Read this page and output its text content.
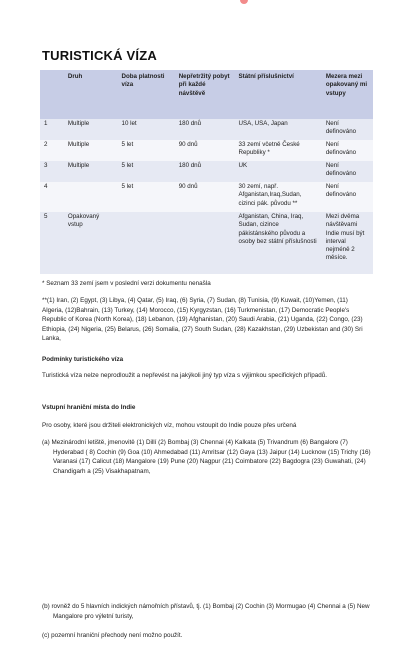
TURISTICKÁ VÍZA
	Druh	Doba platnosti víza	Nepřetržitý pobyt při každé návštěvě	Státní příslušnictví	Mezera mezi opakovaný mi vstupy
1	Multiple	10 let	180 dnů	USA, USA, Japan	Není definováno
2	Multiple	5 let	90 dnů	33 zemí včetně České Republiky *	Není definováno
3	Multiple	5 let	180 dnů	UK	Není definováno
4		5 let	90 dnů	30 zemí, např. Afganistan,Iraq,Sudan, cizinci pák. původu **	Není definováno
5	Opakovaný vstup			Afganistan, China, Iraq, Sudan, cizince pákistánského původu a osoby bez státní příslušnosti	Mezi dvěma návštěvami Indie musí být interval nejméně 2 měsíce.
* Seznam 33 zemí jsem v poslední verzi dokumentu nenašla
**(1) Iran, (2) Egypt, (3) Libya, (4) Qatar, (5) Iraq, (6) Syria, (7) Sudan, (8) Tunisia, (9) Kuwait, (10)Yemen, (11) Algeria, (12)Bahrain, (13) Turkey, (14) Morocco, (15) Kyrgyzstan, (16) Turkmenistan, (17) Democratic People's Republic of Korea (North Korea), (18) Lebanon, (19) Afghanistan, (20) Saudi Arabia, (21) Uganda, (22) Congo, (23) Ethiopia, (24) Nigeria, (25) Belarus, (26) Somalia, (27) South Sudan, (28) Kazakhstan, (29) Uzbekistan and (30) Sri Lanka,
Podmínky turistického víza
Turistická víza nelze neprodloužit a nepřevést na jakýkoli jiný typ víza s výjimkou specifických případů.
Vstupní hraniční místa do Indie
Pro osoby, které jsou držiteli elektronických víz, mohou vstoupit do Indie pouze přes určená
(a) Mezinárodní letiště, jmenovitě (1) Dillí (2) Bombaj (3) Chennai (4) Kalkata (5) Trivandrum (6) Bangalore (7) Hyderabad ( 8) Cochin (9) Goa (10) Ahmedabad (11) Amritsar (12) Gaya (13) Jaipur (14) Lucknow (15) Trichy (16) Varanasi (17) Calicut (18) Mangalore (19) Pune (20) Nagpur (21) Coimbatore (22) Bagdogra (23) Guwahati, (24) Chandigarh a (25) Visakhapatnam,
(b) rovněž do 5 hlavních indických námořních přístavů, tj. (1) Bombaj (2) Cochin (3) Mormugao (4) Chennai a (5) New Mangalore pro výletní turisty,
(c) pozemní hraniční přechody není možno použít.
